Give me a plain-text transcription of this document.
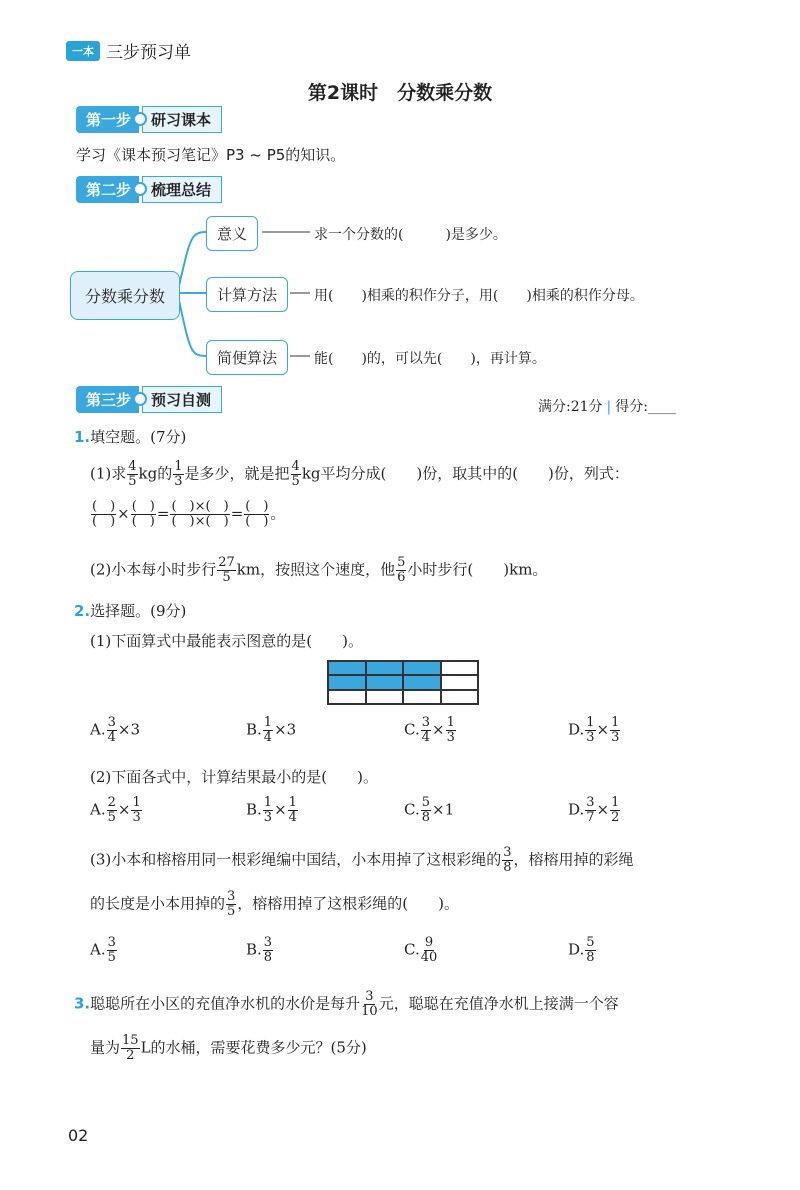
一本 三步预习单
第2课时　分数乘分数
第一步	研习课本
学习《课本预习笔记》P3 ~ P5的知识。
第二步	梳理总结
分数乘分数
意义
计算方法
简便算法
求一个分数的(　　　)是多少。
用(　　)相乘的积作分子，用(　　)相乘的积作分母。
能(　　)的，可以先(　　)，再计算。
第三步	预习自测	满分:21分 | 得分:____
1.填空题。(7分)
(1)求 $\frac{4}{5}$ kg的 $\frac{1}{3}$ 是多少，就是把 $\frac{4}{5}$ kg平均分成(　　)份，取其中的(　　)份，列式：
$\frac{( )}{( )} \times \frac{( )}{( )} = \frac{( )\times( )}{( )\times( )} = \frac{( )}{( )}$ 。
(2)小本每小时步行 $\frac{27}{5}$ km，按照这个速度，他 $\frac{5}{6}$ 小时步行(　　)km。
2.选择题。(9分)
(1)下面算式中最能表示图意的是(　　)。
A. $\frac{3}{4} \times 3$	B. $\frac{1}{4} \times 3$	C. $\frac{3}{4} \times \frac{1}{3}$	D. $\frac{1}{3} \times \frac{1}{3}$
(2)下面各式中，计算结果最小的是(　　)。
A. $\frac{2}{5} \times \frac{1}{3}$	B. $\frac{1}{3} \times \frac{1}{4}$	C. $\frac{5}{8} \times 1$	D. $\frac{3}{7} \times \frac{1}{2}$
(3)小本和榕榕用同一根彩绳编中国结，小本用掉了这根彩绳的 $\frac{3}{8}$ ，榕榕用掉的彩绳
的长度是小本用掉的 $\frac{3}{5}$ ，榕榕用掉了这根彩绳的(　　)。
A. $\frac{3}{5}$	B. $\frac{3}{8}$	C. $\frac{9}{40}$	D. $\frac{5}{8}$
3.聪聪所在小区的充值净水机的水价是每升 $\frac{3}{10}$ 元，聪聪在充值净水机上接满一个容
量为 $\frac{15}{2}$ L的水桶，需要花费多少元？(5分)
02
